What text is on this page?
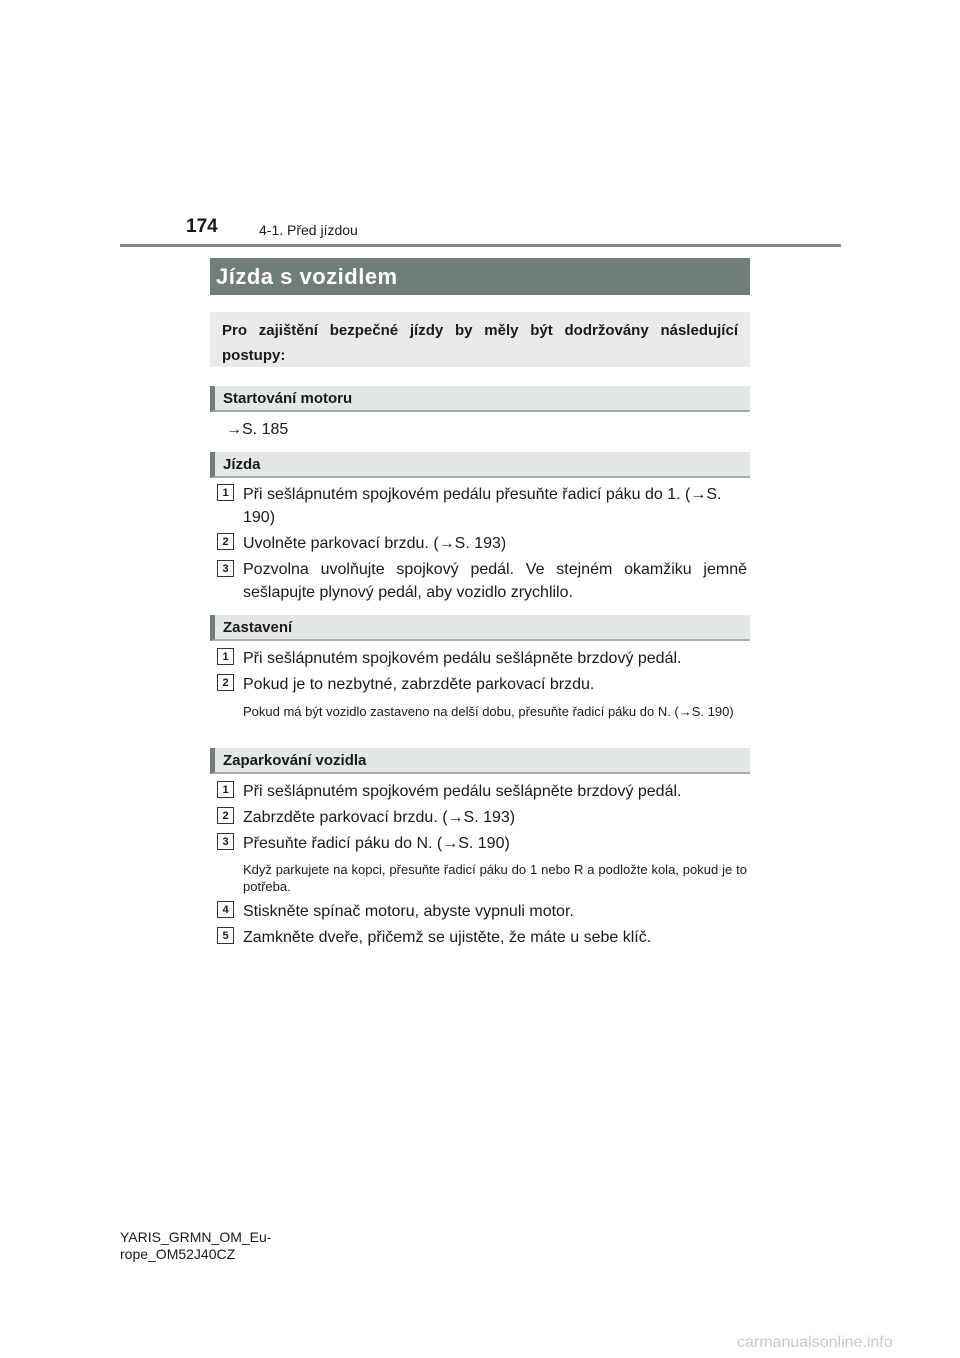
174	4-1. Před jízdou
Jízda s vozidlem
Pro zajištění bezpečné jízdy by měly být dodržovány následující postupy:
Startování motoru
→S. 185
Jízda
1 Při sešlápnutém spojkovém pedálu přesuňte řadicí páku do 1. (→S. 190)
2 Uvolněte parkovací brzdu. (→S. 193)
3 Pozvolna uvolňujte spojkový pedál. Ve stejném okamžiku jemně sešlapujte plynový pedál, aby vozidlo zrychlilo.
Zastavení
1 Při sešlápnutém spojkovém pedálu sešlápněte brzdový pedál.
2 Pokud je to nezbytné, zabrzděte parkovací brzdu.
Pokud má být vozidlo zastaveno na delší dobu, přesuňte řadicí páku do N. (→S. 190)
Zaparkování vozidla
1 Při sešlápnutém spojkovém pedálu sešlápněte brzdový pedál.
2 Zabrzděte parkovací brzdu. (→S. 193)
3 Přesuňte řadicí páku do N. (→S. 190)
Když parkujete na kopci, přesuňte řadicí páku do 1 nebo R a podložte kola, pokud je to potřeba.
4 Stiskněte spínač motoru, abyste vypnuli motor.
5 Zamkněte dveře, přičemž se ujistěte, že máte u sebe klíč.
YARIS_GRMN_OM_Eu-
rope_OM52J40CZ
carmanualsonline.info
